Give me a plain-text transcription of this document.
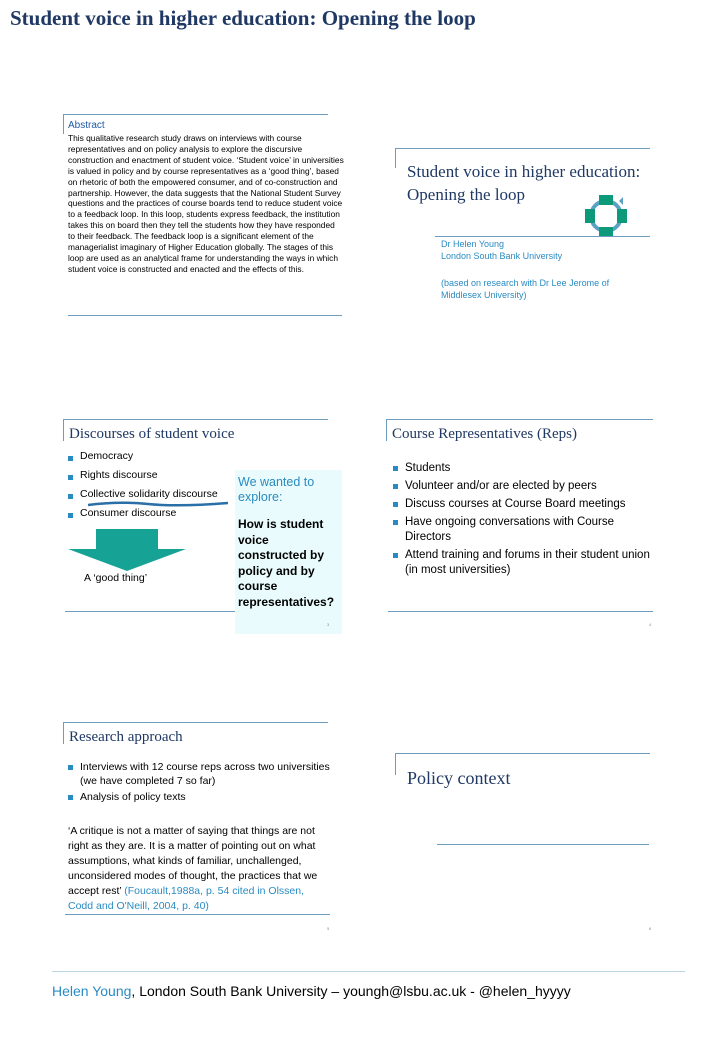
Student voice in higher education: Opening the loop
Abstract
This qualitative research study draws on interviews with course representatives and on policy analysis to explore the discursive construction and enactment of student voice. ‘Student voice’ in universities is valued in policy and by course representatives as a ‘good thing’, based on rhetoric of both the empowered consumer, and of co-construction and partnership. However, the data suggests that the National Student Survey questions and the practices of course boards tend to reduce student voice to a feedback loop. In this loop, students express feedback, the institution takes this on board then they tell the students how they have responded to their feedback. The feedback loop is a significant element of the managerialist imaginary of Higher Education globally. The stages of this loop are used as an analytical frame for understanding the ways in which student voice is constructed and enacted and the effects of this.
Student voice in higher education: Opening the loop
Dr Helen Young
London South Bank University
(based on research with Dr Lee Jerome of Middlesex University)
Discourses of student voice
Democracy
Rights discourse
Collective solidarity discourse
Consumer discourse
A ‘good thing’
We wanted to explore:
How is student voice constructed by policy and by course representatives?
3
Course Representatives (Reps)
Students
Volunteer and/or are elected by peers
Discuss courses at Course Board meetings
Have ongoing conversations with Course Directors
Attend training and forums in their student union (in most universities)
4
Research approach
Interviews with 12 course reps across two universities (we have completed 7 so far)
Analysis of policy texts
‘A critique is not a matter of saying that things are not right as they are. It is a matter of pointing out on what assumptions, what kinds of familiar, unchallenged, unconsidered modes of thought, the practices that we accept rest’ (Foucault,1988a, p. 54 cited in Olssen, Codd and O'Neill, 2004, p. 40)
5
Policy context
6
Helen Young, London South Bank University – youngh@lsbu.ac.uk - @helen_hyyyy
